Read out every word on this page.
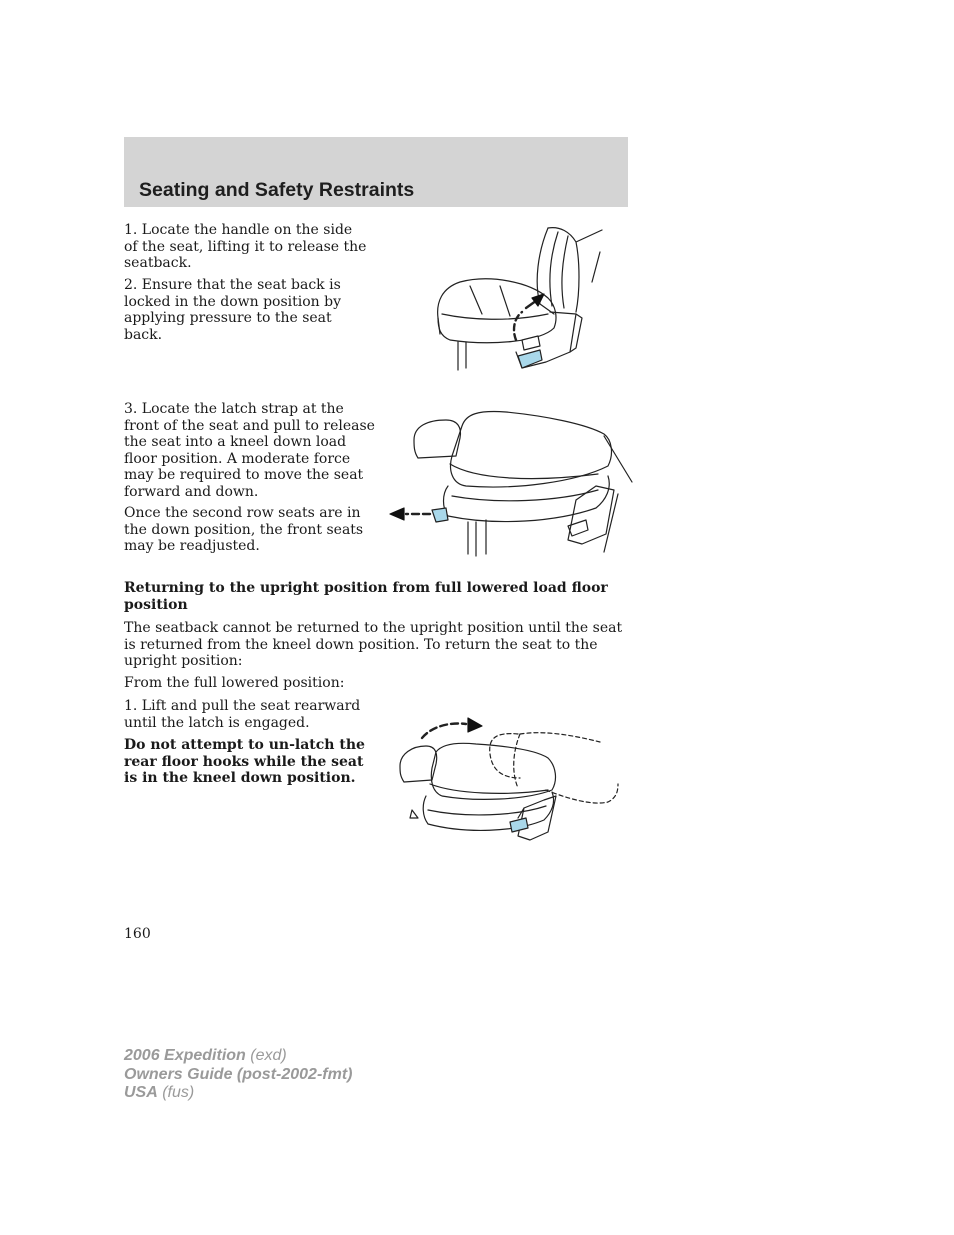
Seating and Safety Restraints

1. Locate the handle on the side of the seat, lifting it to release the seatback.

2. Ensure that the seat back is locked in the down position by applying pressure to the seat back.

3. Locate the latch strap at the front of the seat and pull to release the seat into a kneel down load floor position. A moderate force may be required to move the seat forward and down.

Once the second row seats are in the down position, the front seats may be readjusted.

Returning to the upright position from full lowered load floor position

The seatback cannot be returned to the upright position until the seat is returned from the kneel down position. To return the seat to the upright position:

From the full lowered position:

1. Lift and pull the seat rearward until the latch is engaged.

Do not attempt to un-latch the rear floor hooks while the seat is in the kneel down position.

160
2006 Expedition (exd)
Owners Guide (post-2002-fmt)
USA (fus)
